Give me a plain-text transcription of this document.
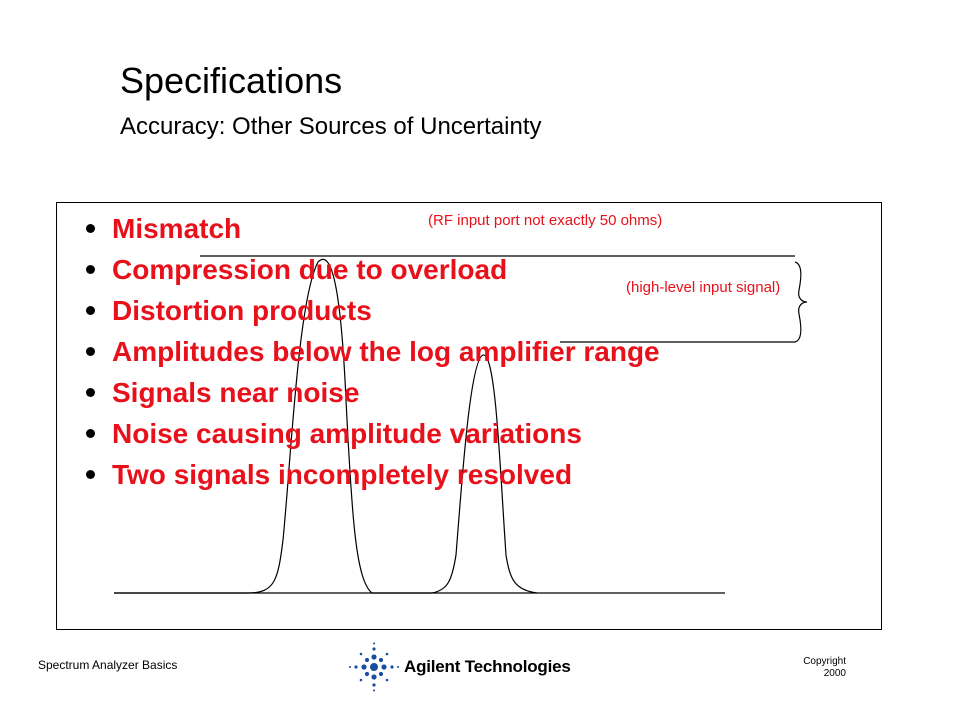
Specifications
Accuracy: Other Sources of Uncertainty
Mismatch
Compression due to overload
Distortion products
Amplitudes below the log amplifier range
Signals near noise
Noise causing amplitude variations
Two signals incompletely resolved
(RF input port not exactly 50 ohms)
(high-level input signal)
Spectrum Analyzer Basics	Agilent Technologies	Copyright
2000
